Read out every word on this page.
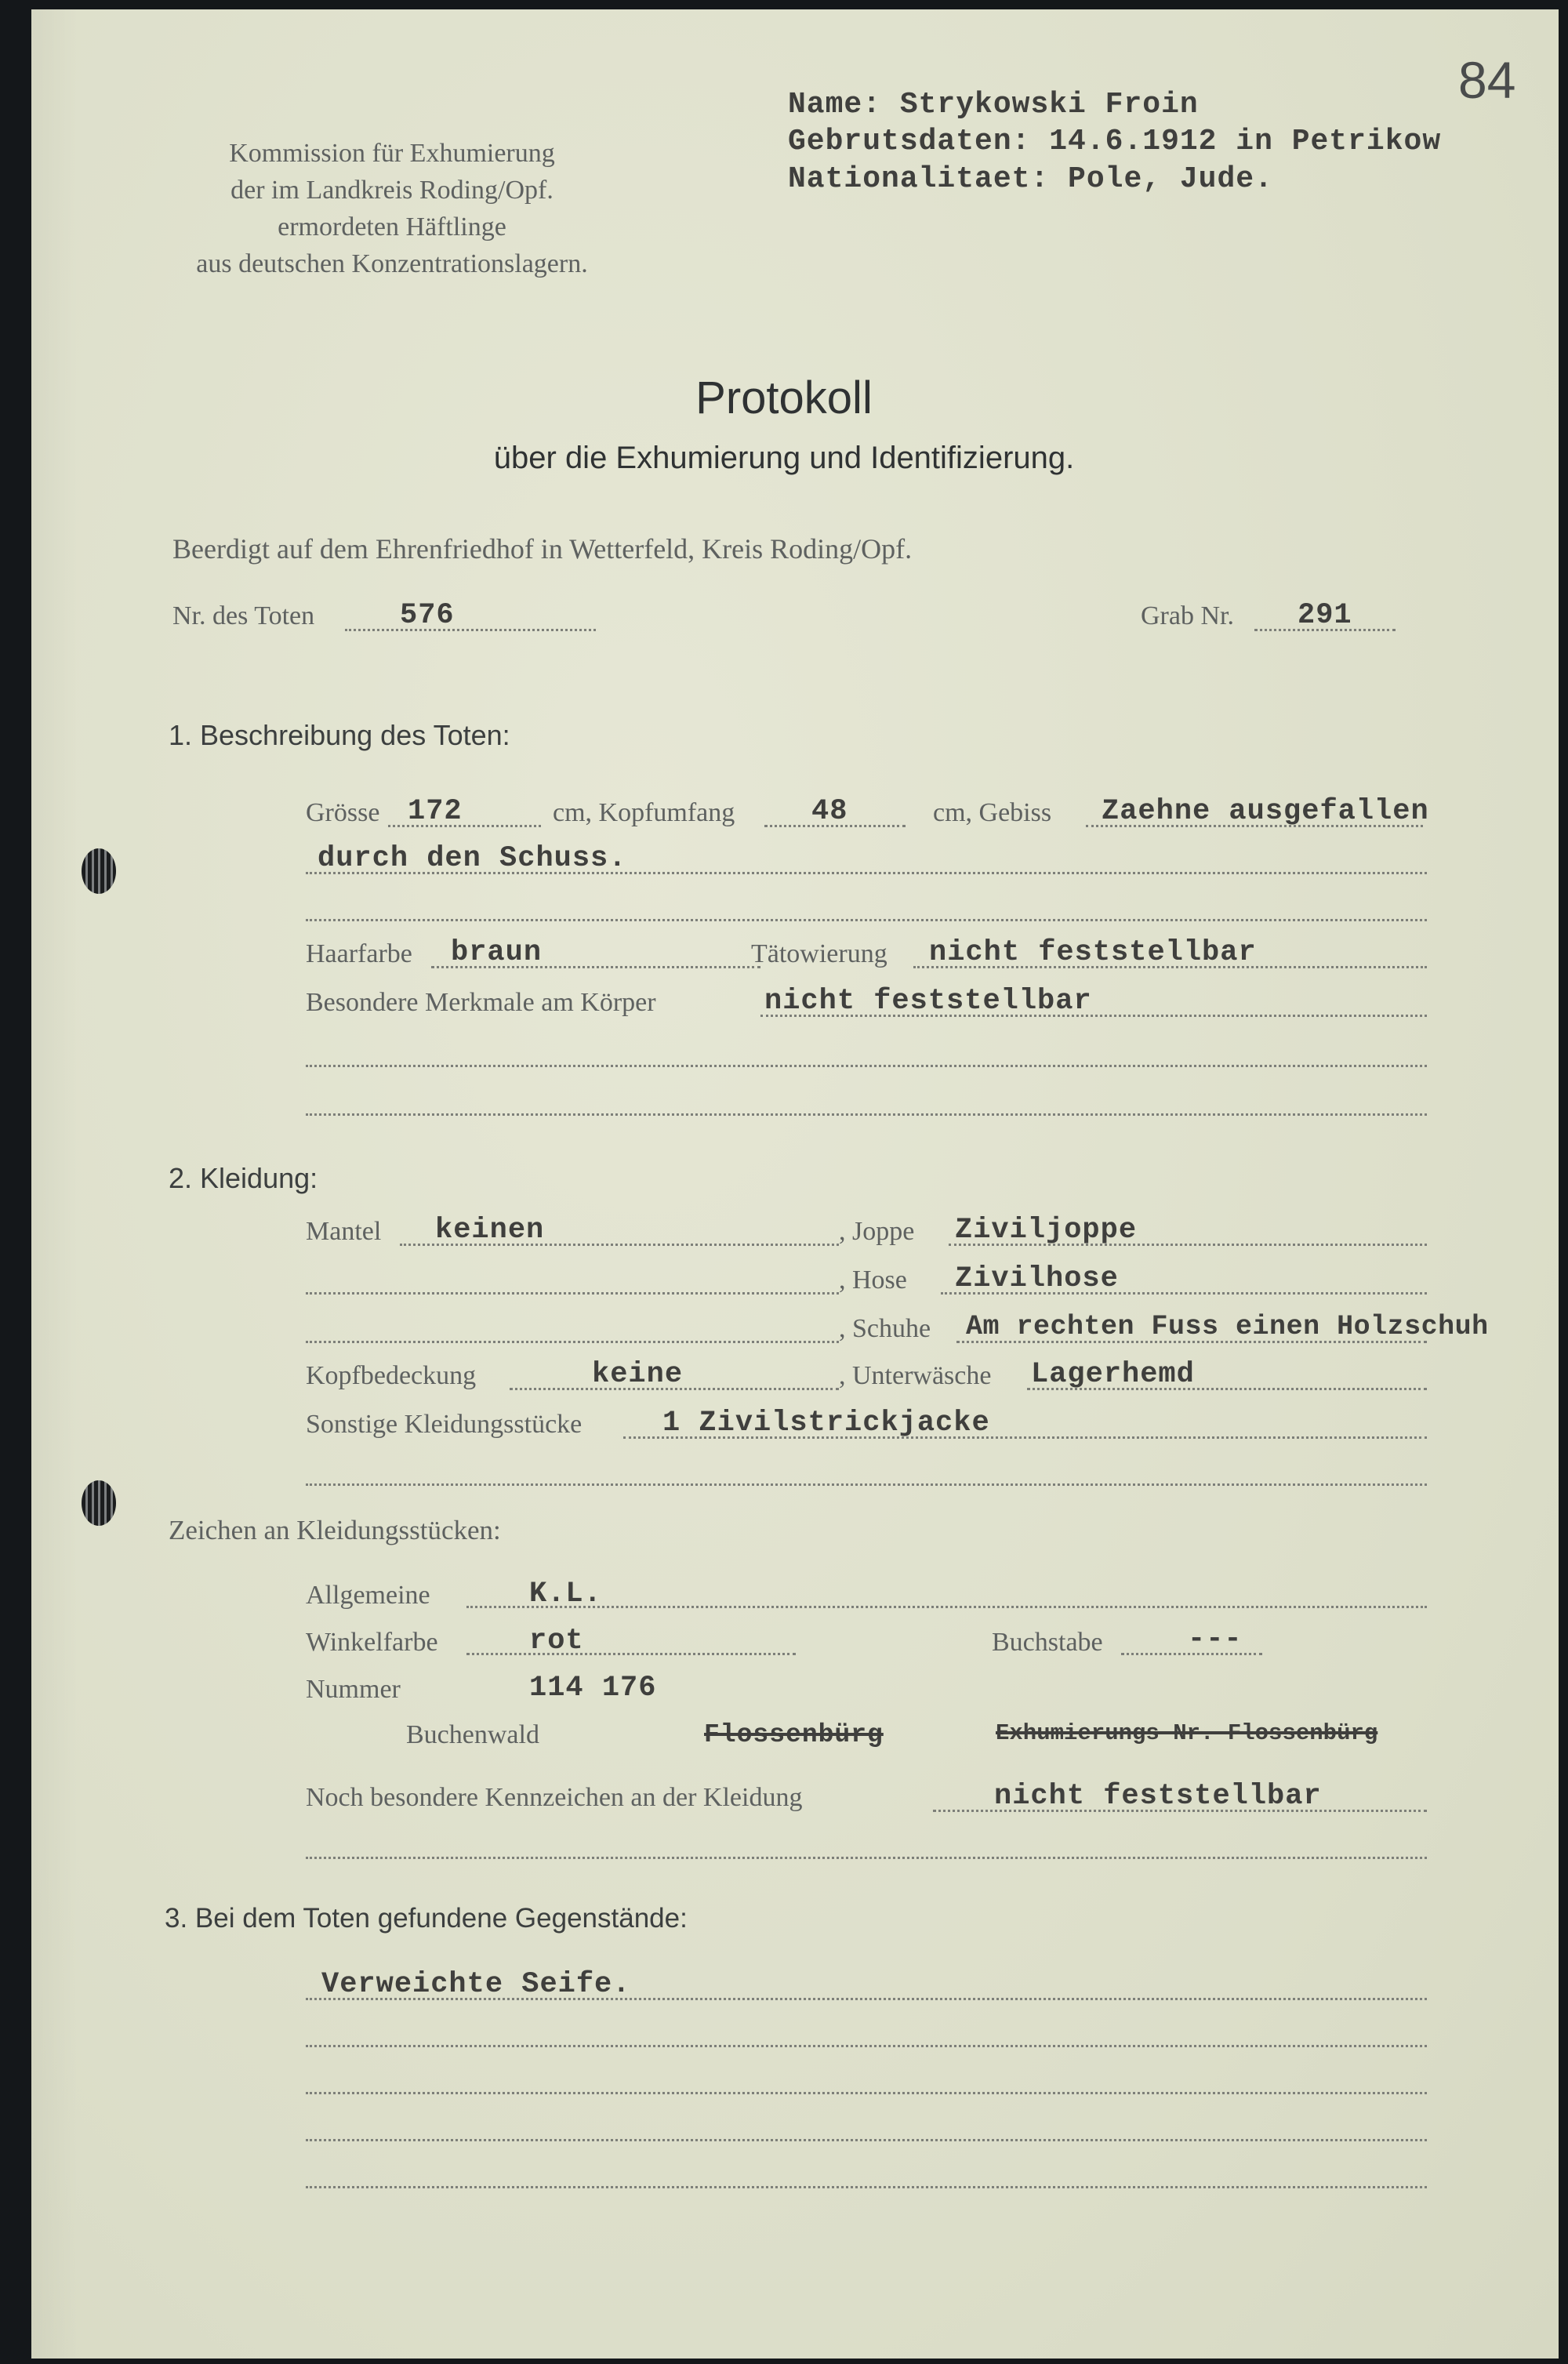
84
Kommission für Exhumierung
der im Landkreis Roding/Opf.
ermordeten Häftlinge
aus deutschen Konzentrationslagern.
Name: Strykowski Froin
Gebrutsdaten: 14.6.1912 in Petrikow
Nationalitaet: Pole, Jude.
Protokoll
über die Exhumierung und Identifizierung.
Beerdigt auf dem Ehrenfriedhof in Wetterfeld, Kreis Roding/Opf.
Nr. des Toten	576	Grab Nr. 291
1. Beschreibung des Toten:
Grösse 172	cm, Kopfumfang	48	cm, Gebiss Zaehne ausgefallen
durch den Schuss.
Haarfarbe braun	Tätowierung nicht feststellbar
Besondere Merkmale am Körper	nicht feststellbar
2. Kleidung:
Mantel keinen	, Joppe Ziviljoppe
, Hose Zivilhose
, Schuhe Am rechten Fuss einen Holzschuh
Kopfbedeckung	keine	, Unterwäsche Lagerhemd
Sonstige Kleidungsstücke	1 Zivilstrickjacke
Zeichen an Kleidungsstücken:
Allgemeine	K.L.
Winkelfarbe	rot	Buchstabe	---
Nummer	114 176
Buchenwald	Flossenbürg	Exhumierungs-Nr. Flossenbürg
Noch besondere Kennzeichen an der Kleidung	nicht feststellbar
3. Bei dem Toten gefundene Gegenstände:
Verweichte Seife.
